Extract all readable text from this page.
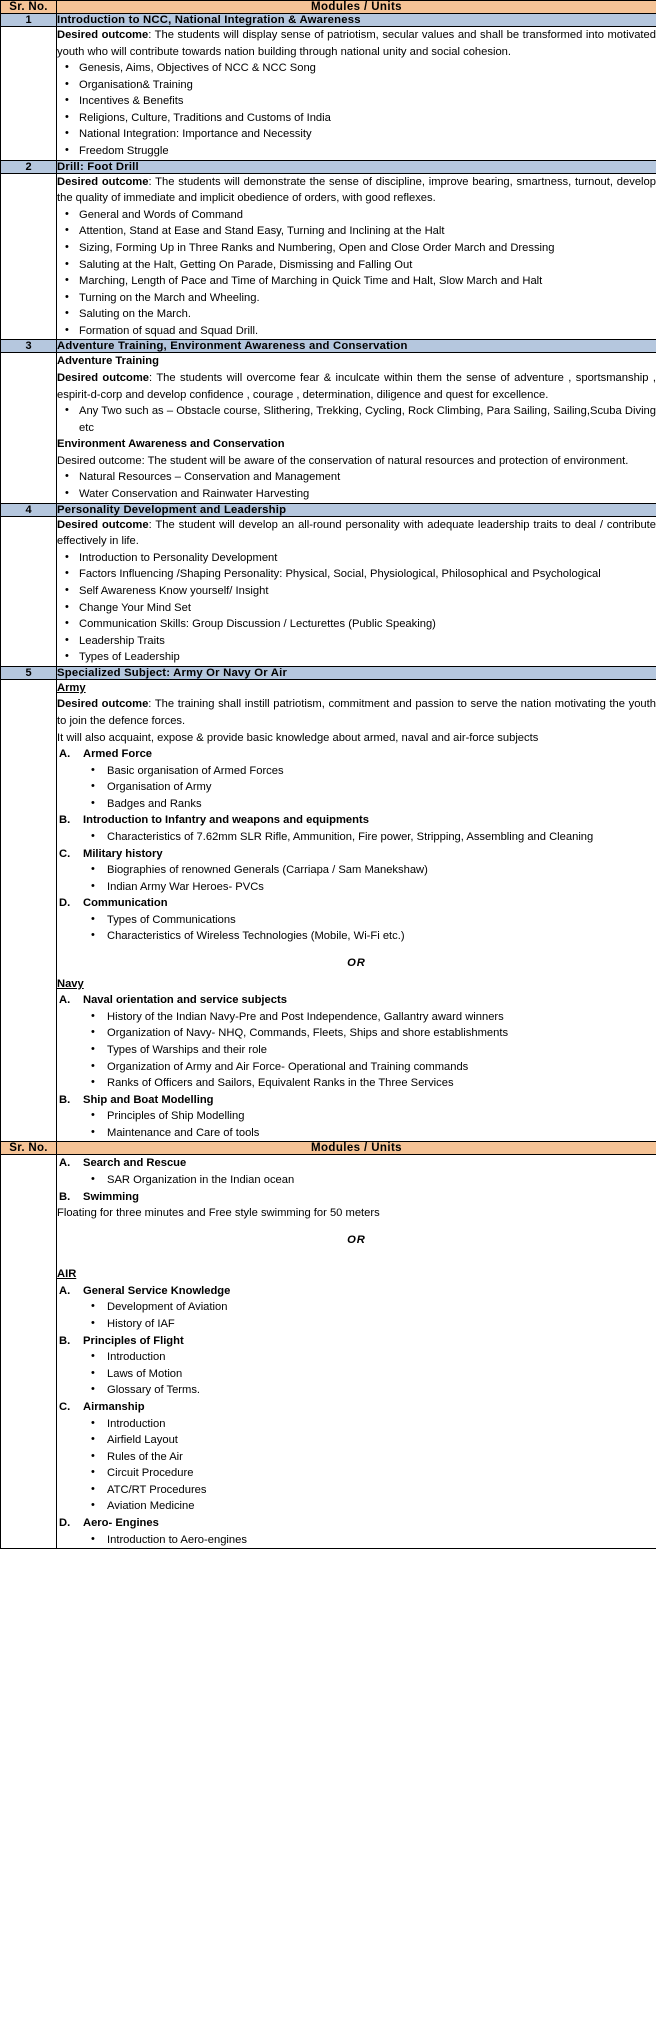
Sr. No.	Modules / Units
1	Introduction to NCC, National Integration & Awareness

Desired outcome: The students will display sense of patriotism, secular values and shall be transformed into motivated youth who will contribute towards nation building through national unity and social cohesion.

• Genesis, Aims, Objectives of NCC & NCC Song
• Organisation& Training
• Incentives & Benefits
• Religions, Culture, Traditions and Customs of India
• National Integration: Importance and Necessity
• Freedom Struggle

2	Drill: Foot Drill

Desired outcome: The students will demonstrate the sense of discipline, improve bearing, smartness, turnout, develop the quality of immediate and implicit obedience of orders, with good reflexes.

• General and Words of Command
• Attention, Stand at Ease and Stand Easy, Turning and Inclining at the Halt
• Sizing, Forming Up in Three Ranks and Numbering, Open and Close Order March and Dressing
• Saluting at the Halt, Getting On Parade, Dismissing and Falling Out
• Marching, Length of Pace and Time of Marching in Quick Time and Halt, Slow March and Halt
• Turning on the March and Wheeling.
• Saluting on the March.
• Formation of squad and Squad Drill.

3	Adventure Training, Environment Awareness and Conservation

Adventure Training

Desired outcome: The students will overcome fear & inculcate within them the sense of adventure , sportsmanship , espirit-d-corp and develop confidence , courage , determination, diligence and quest for excellence.

• Any Two such as – Obstacle course, Slithering, Trekking, Cycling, Rock Climbing, Para Sailing, Sailing,Scuba Diving etc

Environment Awareness and Conservation

Desired outcome: The student will be aware of the conservation of natural resources and protection of environment.

• Natural Resources – Conservation and Management
• Water Conservation and Rainwater Harvesting

4	Personality Development and Leadership

Desired outcome: The student will develop an all-round personality with adequate leadership traits to deal / contribute effectively in life.

• Introduction to Personality Development
• Factors Influencing /Shaping Personality: Physical, Social, Physiological, Philosophical and Psychological
• Self Awareness Know yourself/ Insight
• Change Your Mind Set
• Communication Skills: Group Discussion / Lecturettes (Public Speaking)
• Leadership Traits
• Types of Leadership

5	Specialized Subject: Army Or Navy Or Air

Army

Desired outcome: The training shall instill patriotism, commitment and passion to serve the nation motivating the youth to join the defence forces.

It will also acquaint, expose & provide basic knowledge about armed, naval and air-force subjects

A. Armed Force
• Basic organisation of Armed Forces
• Organisation of Army
• Badges and Ranks
B. Introduction to Infantry and weapons and equipments
• Characteristics of 7.62mm SLR Rifle, Ammunition, Fire power, Stripping, Assembling and Cleaning
C. Military history
• Biographies of renowned Generals (Carriapa / Sam Manekshaw)
• Indian Army War Heroes- PVCs
D. Communication
• Types of Communications
• Characteristics of Wireless Technologies (Mobile, Wi-Fi etc.)

OR

Navy

A. Naval orientation and service subjects
• History of the Indian Navy-Pre and Post Independence, Gallantry award winners
• Organization of Navy- NHQ, Commands, Fleets, Ships and shore establishments
• Types of Warships and their role
• Organization of Army and Air Force- Operational and Training commands
• Ranks of Officers and Sailors, Equivalent Ranks in the Three Services
B. Ship and Boat Modelling
• Principles of Ship Modelling
• Maintenance and Care of tools

Sr. No.	Modules / Units

A. Search and Rescue
• SAR Organization in the Indian ocean
B. Swimming

Floating for three minutes and Free style swimming for 50 meters

OR

AIR

A. General Service Knowledge
• Development of Aviation
• History of IAF
B. Principles of Flight
• Introduction
• Laws of Motion
• Glossary of Terms.
C. Airmanship
• Introduction
• Airfield Layout
• Rules of the Air
• Circuit Procedure
• ATC/RT Procedures
• Aviation Medicine
D. Aero- Engines
• Introduction to Aero-engines
